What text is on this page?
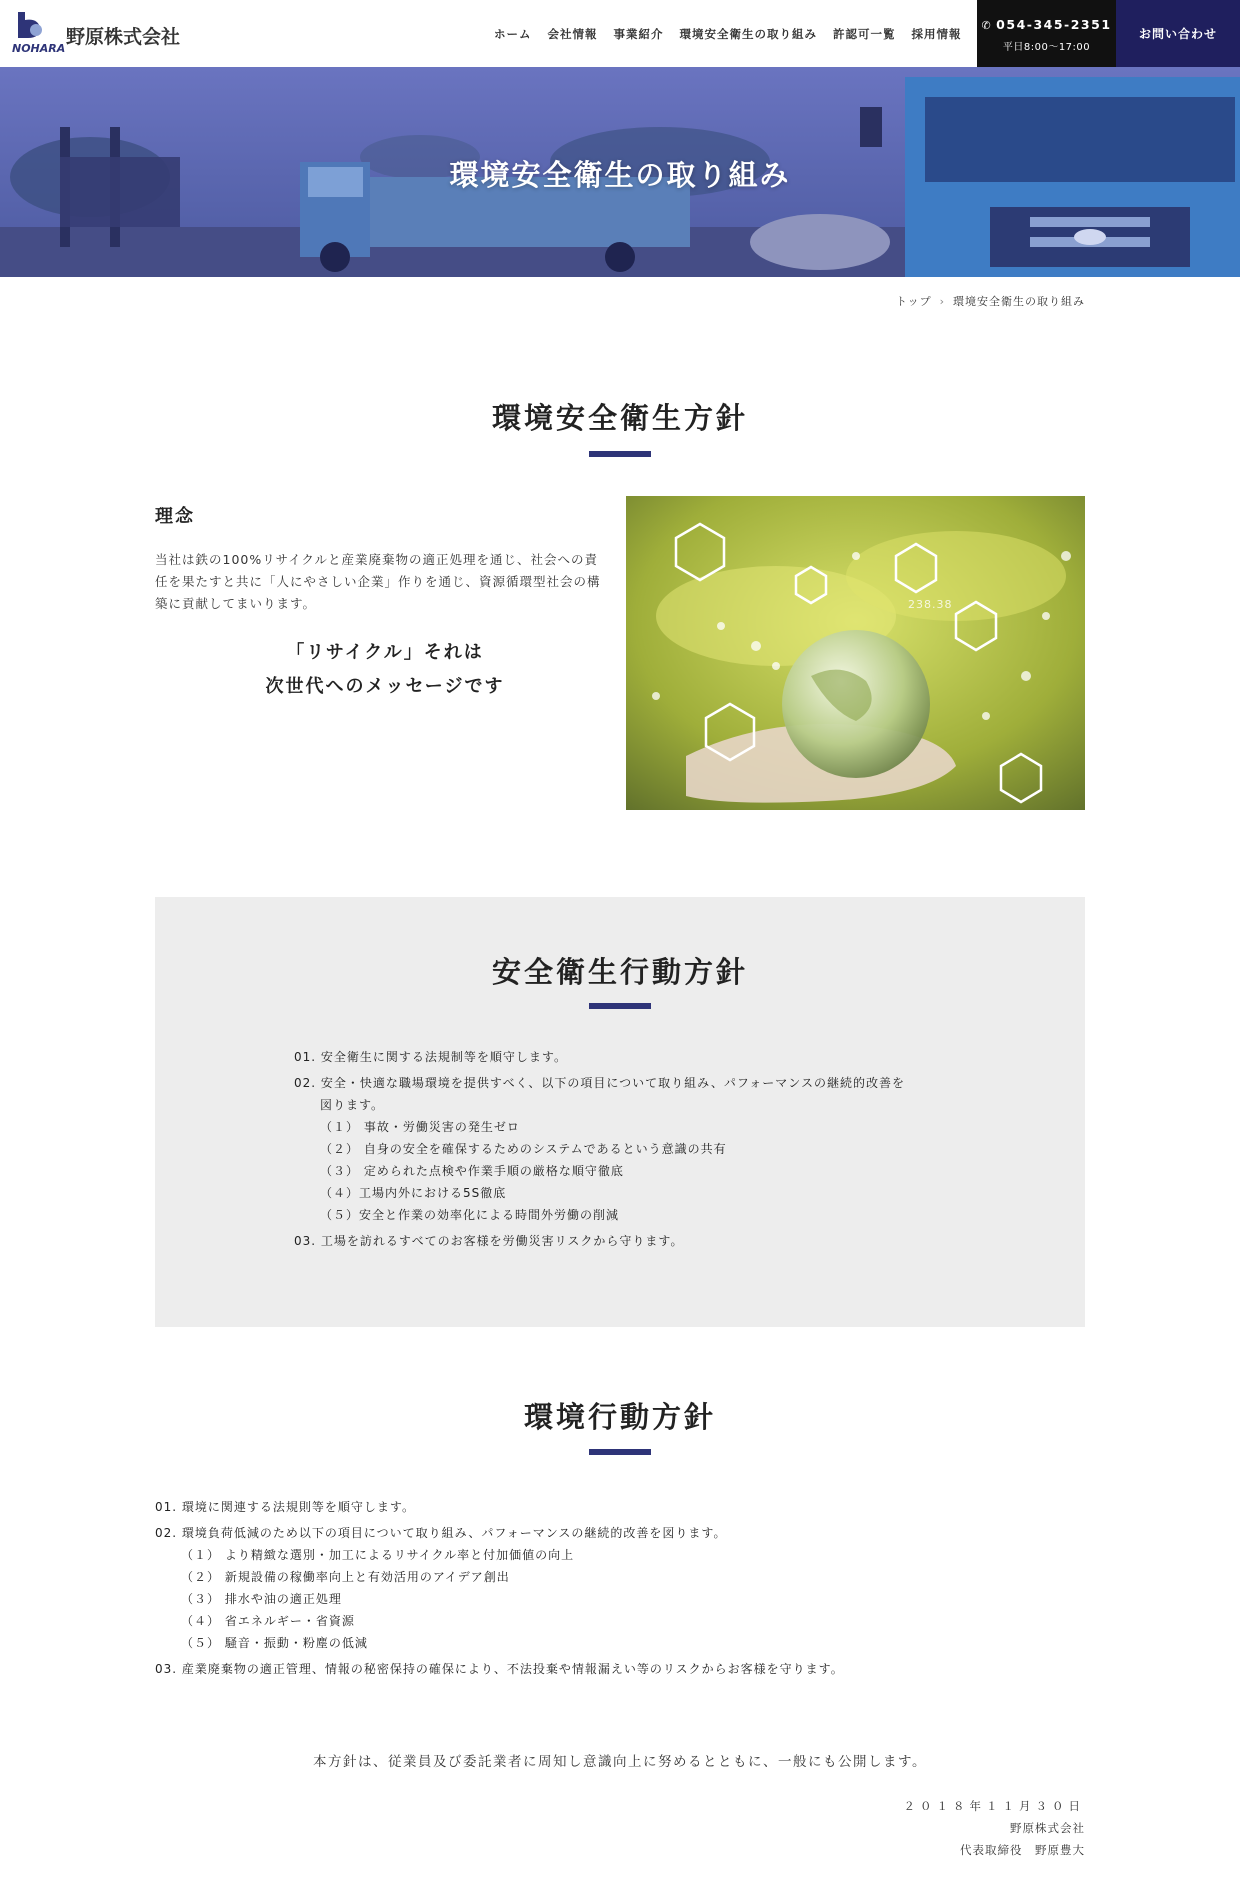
NOHARA
野原株式会社	ホーム 会社情報 事業紹介 環境安全衛生の取り組み 許認可一覧 採用情報
✆ 054-345-2351
平日8:00〜17:00
お問い合わせ
環境安全衛生の取り組み
トップ › 環境安全衛生の取り組み
環境安全衛生方針
理念

当社は鉄の100%リサイクルと産業廃棄物の適正処理を通じ、社会への責任を果たすと共に「人にやさしい企業」作りを通じ、資源循環型社会の構築に貢献してまいります。

「リサイクル」それは
次世代へのメッセージです
238.38
安全衛生行動方針
01. 安全衛生に関する法規制等を順守します。
02. 安全・快適な職場環境を提供すべく、以下の項目について取り組み、パフォーマンスの継続的改善を
図ります。
（１） 事故・労働災害の発生ゼロ
（２） 自身の安全を確保するためのシステムであるという意識の共有
（３） 定められた点検や作業手順の厳格な順守徹底
（４）工場内外における5S徹底
（５）安全と作業の効率化による時間外労働の削減
03. 工場を訪れるすべてのお客様を労働災害リスクから守ります。
環境行動方針
01. 環境に関連する法規則等を順守します。
02. 環境負荷低減のため以下の項目について取り組み、パフォーマンスの継続的改善を図ります。
（１） より精緻な選別・加工によるリサイクル率と付加価値の向上
（２） 新規設備の稼働率向上と有効活用のアイデア創出
（３） 排水や油の適正処理
（４） 省エネルギー・省資源
（５） 騒音・振動・粉塵の低減
03. 産業廃棄物の適正管理、情報の秘密保持の確保により、不法投棄や情報漏えい等のリスクからお客様を守ります。

本方針は、従業員及び委託業者に周知し意識向上に努めるとともに、一般にも公開します。

２０１８年１１月３０日
野原株式会社
代表取締役　野原豊大
